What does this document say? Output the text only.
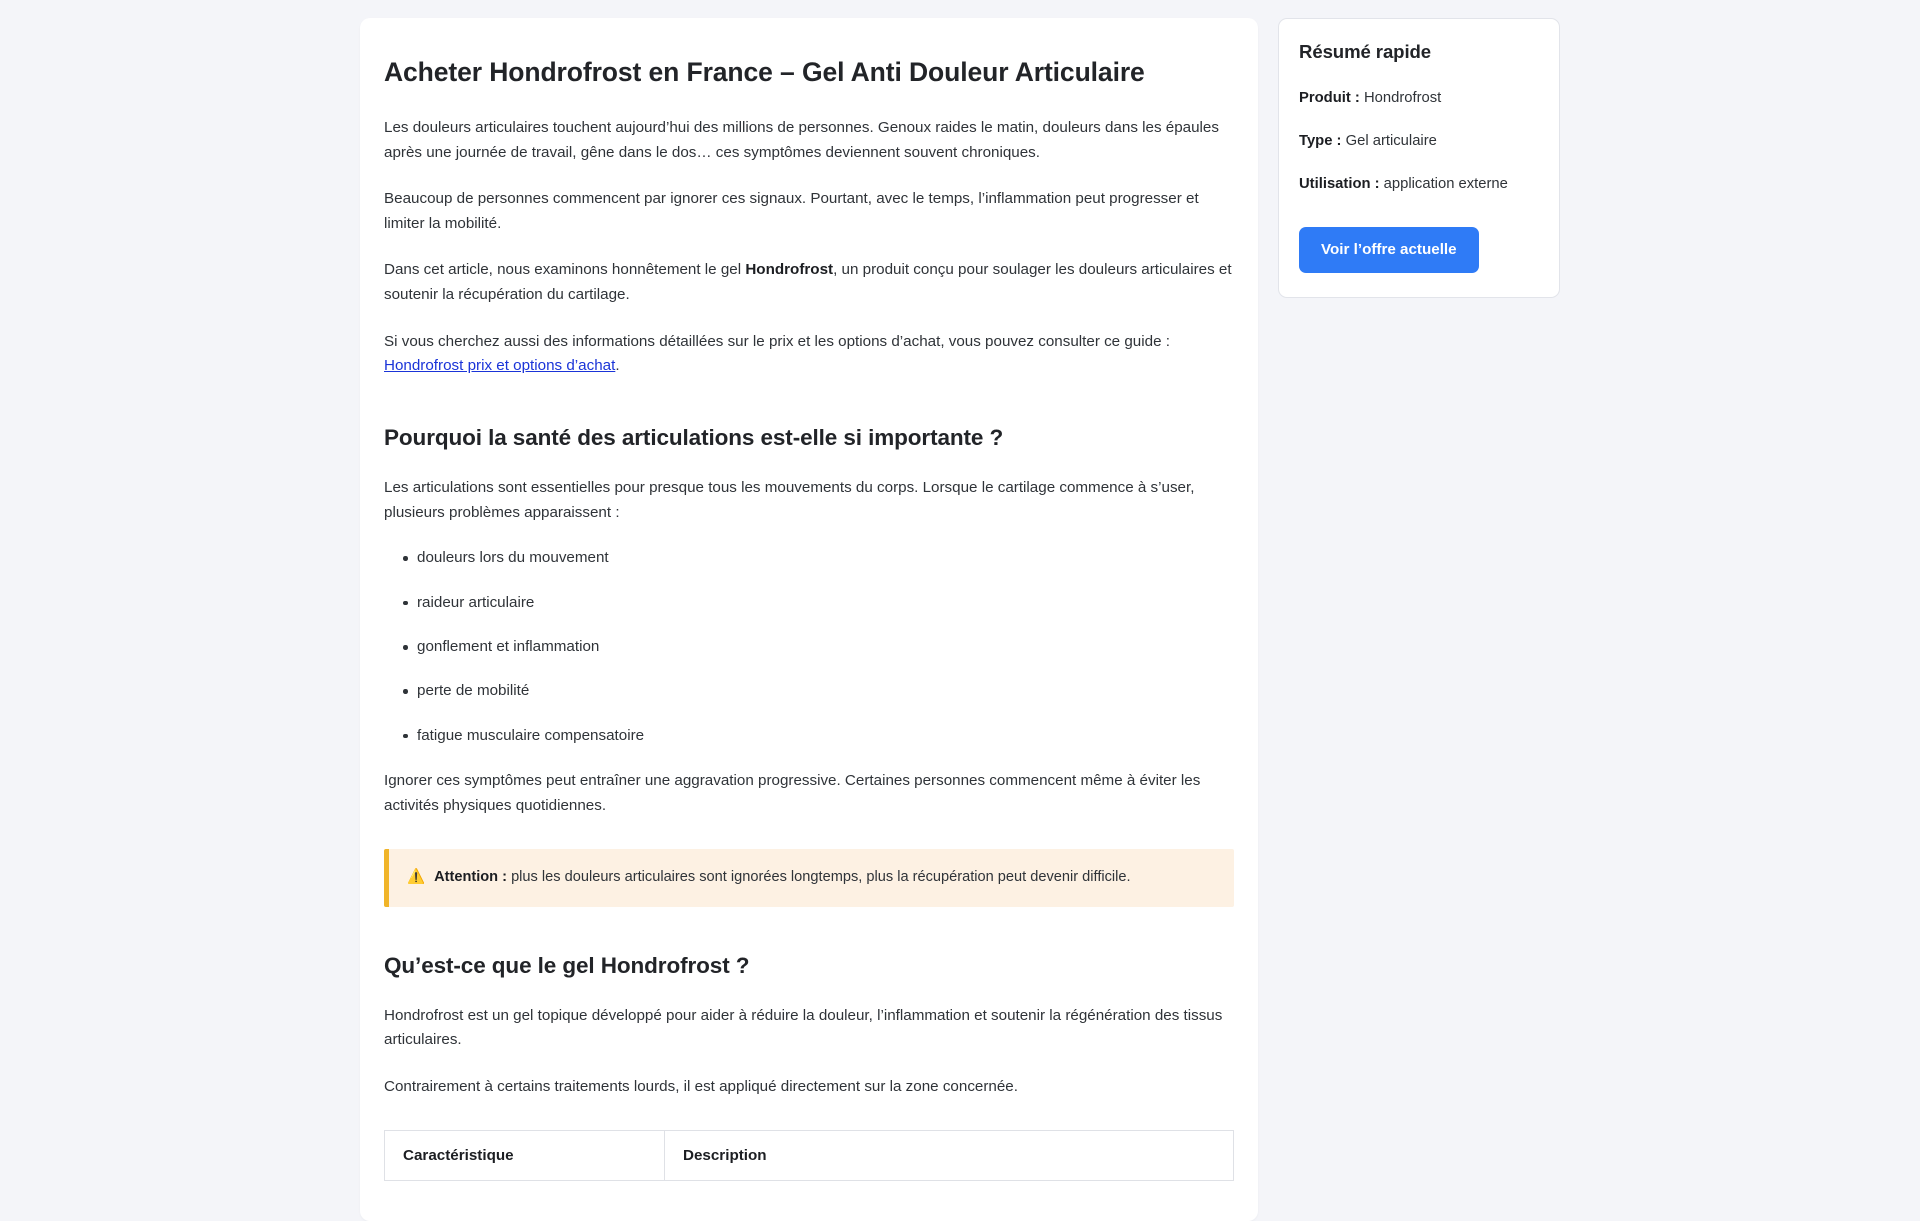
Acheter Hondrofrost en France – Gel Anti Douleur Articulaire

Les douleurs articulaires touchent aujourd’hui des millions de personnes. Genoux raides le matin, douleurs dans les épaules après une journée de travail, gêne dans le dos… ces symptômes deviennent souvent chroniques.

Beaucoup de personnes commencent par ignorer ces signaux. Pourtant, avec le temps, l’inflammation peut progresser et limiter la mobilité.

Dans cet article, nous examinons honnêtement le gel Hondrofrost, un produit conçu pour soulager les douleurs articulaires et soutenir la récupération du cartilage.

Si vous cherchez aussi des informations détaillées sur le prix et les options d’achat, vous pouvez consulter ce guide : Hondrofrost prix et options d’achat.

Pourquoi la santé des articulations est-elle si importante ?

Les articulations sont essentielles pour presque tous les mouvements du corps. Lorsque le cartilage commence à s’user, plusieurs problèmes apparaissent :

douleurs lors du mouvement
raideur articulaire
gonflement et inflammation
perte de mobilité
fatigue musculaire compensatoire

Ignorer ces symptômes peut entraîner une aggravation progressive. Certaines personnes commencent même à éviter les activités physiques quotidiennes.

⚠️ Attention : plus les douleurs articulaires sont ignorées longtemps, plus la récupération peut devenir difficile.
Qu’est-ce que le gel Hondrofrost ?

Hondrofrost est un gel topique développé pour aider à réduire la douleur, l’inflammation et soutenir la régénération des tissus articulaires.

Contrairement à certains traitements lourds, il est appliqué directement sur la zone concernée.

Caractéristique	Description
Résumé rapide
Produit : Hondrofrost
Type : Gel articulaire
Utilisation : application externe
Voir l’offre actuelle
